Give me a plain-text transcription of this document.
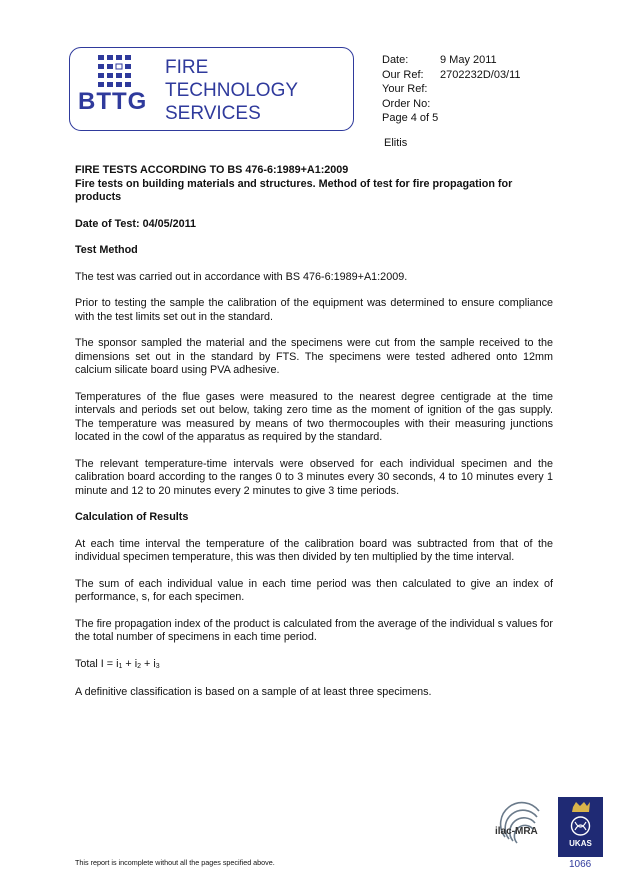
BTTG
FIRE
TECHNOLOGY
SERVICES
Date:	9 May 2011
Our Ref: 2702232D/03/11
Your Ref:
Order No:
Page 4 of 5
Elitis
FIRE TESTS ACCORDING TO BS 476-6:1989+A1:2009
Fire tests on building materials and structures. Method of test for fire propagation for products

Date of Test: 04/05/2011

Test Method

The test was carried out in accordance with BS 476-6:1989+A1:2009.

Prior to testing the sample the calibration of the equipment was determined to ensure compliance with the test limits set out in the standard.

The sponsor sampled the material and the specimens were cut from the sample received to the dimensions set out in the standard by FTS. The specimens were tested adhered onto 12mm calcium silicate board using PVA adhesive.

Temperatures of the flue gases were measured to the nearest degree centigrade at the time intervals and periods set out below, taking zero time as the moment of ignition of the gas supply. The temperature was measured by means of two thermocouples with their measuring junctions located in the cowl of the apparatus as required by the standard.

The relevant temperature-time intervals were observed for each individual specimen and the calibration board according to the ranges 0 to 3 minutes every 30 seconds, 4 to 10 minutes every 1 minute and 12 to 20 minutes every 2 minutes to give 3 time periods.

Calculation of Results

At each time interval the temperature of the calibration board was subtracted from that of the individual specimen temperature, this was then divided by ten multiplied by the time interval.

The sum of each individual value in each time period was then calculated to give an index of performance, s, for each specimen.

The fire propagation index of the product is calculated from the average of the individual s values for the total number of specimens in each time period.

Total $I = i_1 + i_2 + i_3$

A definitive classification is based on a sample of at least three specimens.

This report is incomplete without all the pages specified above.
ilac-MRA
UKAS
1066
